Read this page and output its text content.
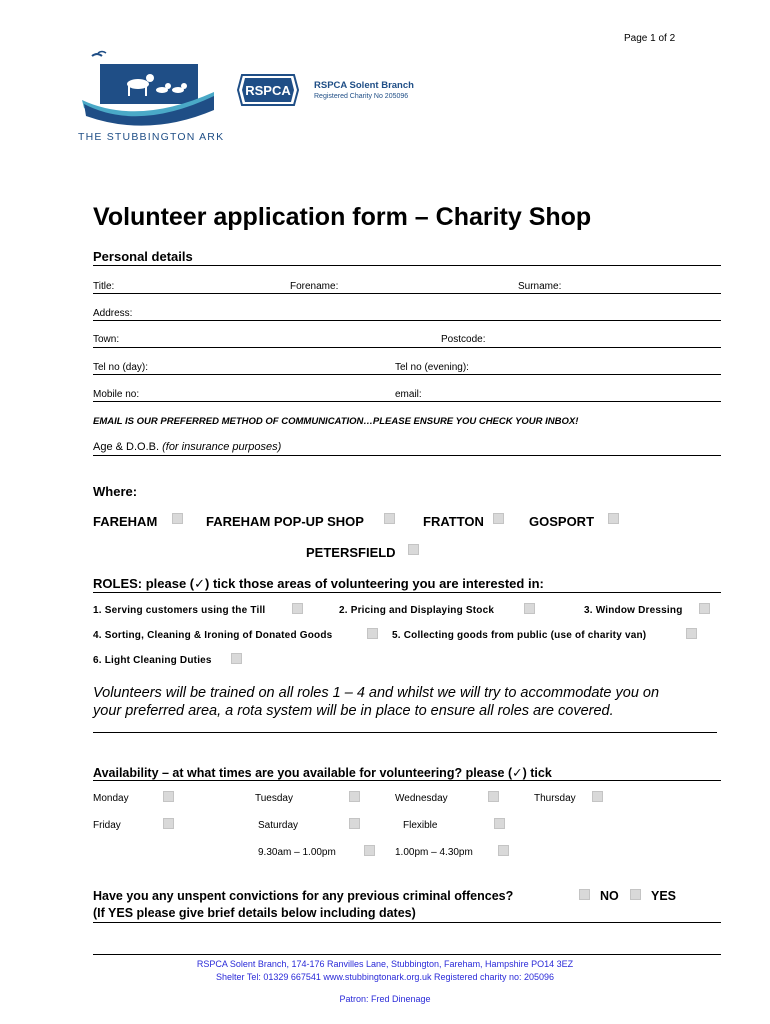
Page 1 of 2
THE STUBBINGTON ARK
RSPCA RSPCA Solent Branch
Registered Charity No 205096
Volunteer application form – Charity Shop
Personal details
Title:	Forename:	Surname:
Address:
Town:	Postcode:
Tel no (day):	Tel no (evening):
Mobile no:	email:
EMAIL IS OUR PREFERRED METHOD OF COMMUNICATION…PLEASE ENSURE YOU CHECK YOUR INBOX!
Age & D.O.B. (for insurance purposes)
Where:
FAREHAM	FAREHAM POP-UP SHOP	FRATTON	GOSPORT
PETERSFIELD
ROLES: please (✓) tick those areas of volunteering you are interested in:
1. Serving customers using the Till	2. Pricing and Displaying Stock	3. Window Dressing
4. Sorting, Cleaning & Ironing of Donated Goods	5. Collecting goods from public (use of charity van)
6. Light Cleaning Duties
Volunteers will be trained on all roles 1 – 4 and whilst we will try to accommodate you on
your preferred area, a rota system will be in place to ensure all roles are covered.
Availability – at what times are you available for volunteering? please (✓) tick
Monday	Tuesday	Wednesday	Thursday
Friday	Saturday	Flexible
9.30am – 1.00pm	1.00pm – 4.30pm
Have you any unspent convictions for any previous criminal offences?	NO	YES
(If YES please give brief details below including dates)
RSPCA Solent Branch, 174-176 Ranvilles Lane, Stubbington, Fareham, Hampshire PO14 3EZ
Shelter Tel: 01329 667541 www.stubbingtonark.org.uk Registered charity no: 205096
Patron: Fred Dinenage
